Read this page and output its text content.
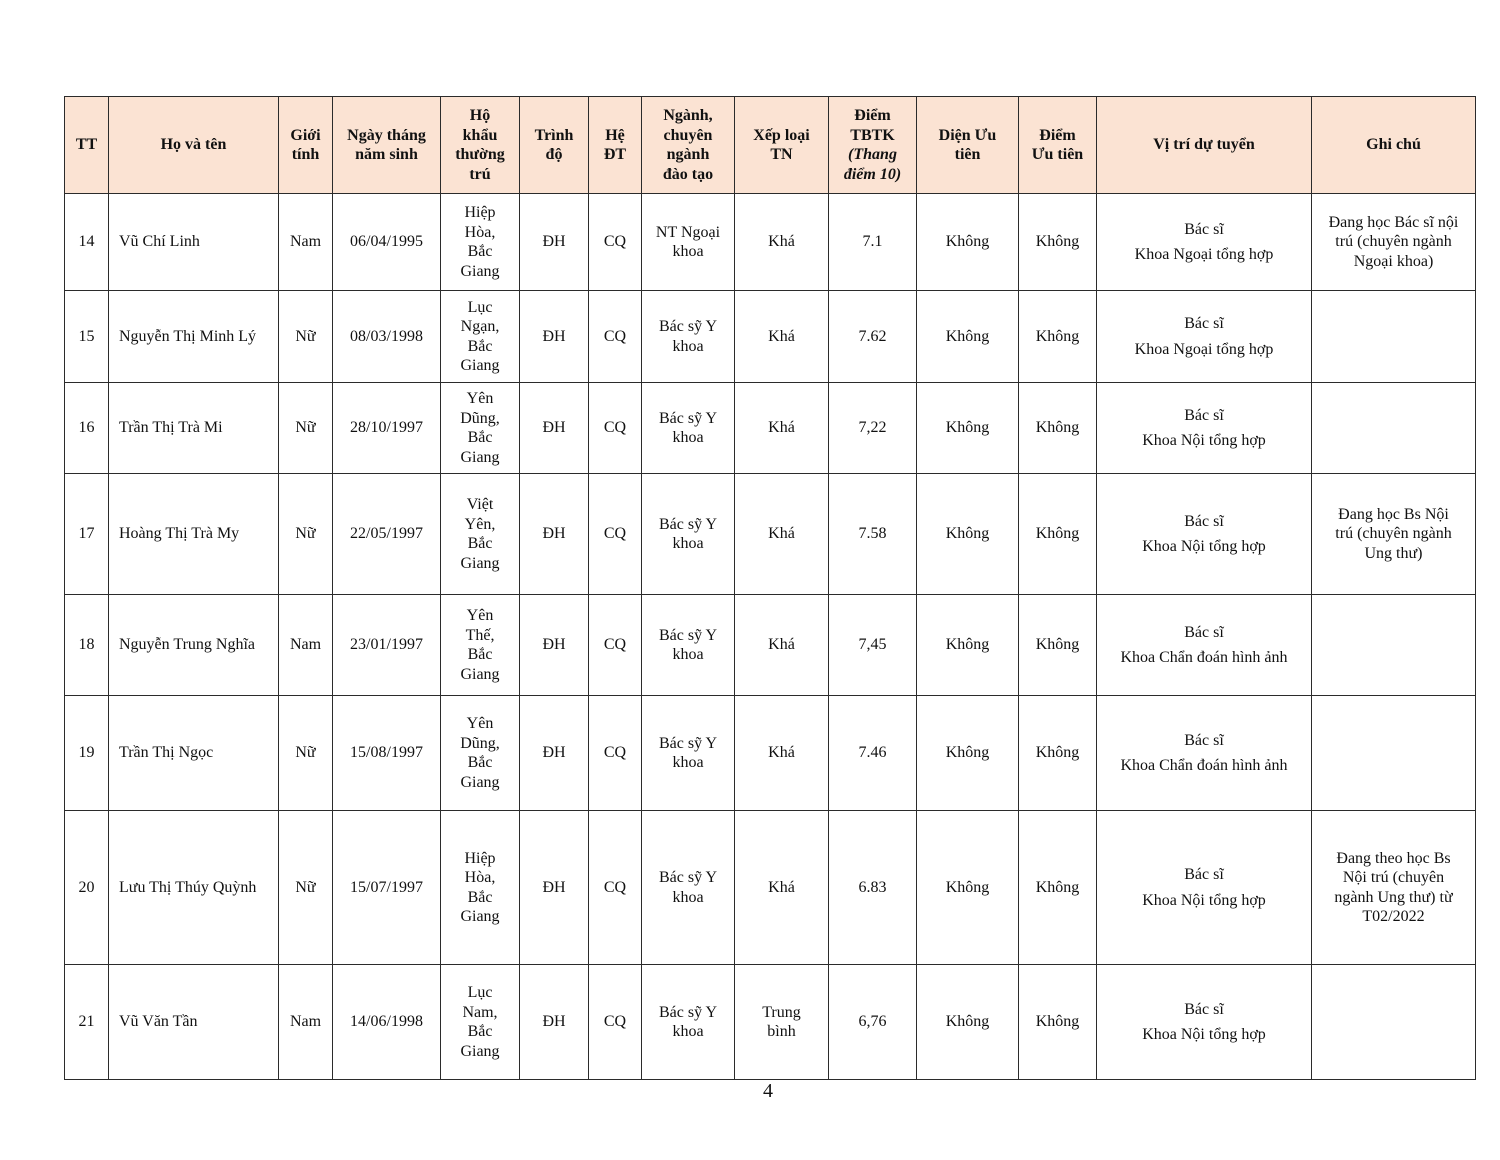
TT	Họ và tên	Giới
tính	Ngày tháng
năm sinh	Hộ
khẩu
thường
trú	Trình
độ	Hệ
ĐT	Ngành,
chuyên
ngành
đào tạo	Xếp loại
TN	Điểm
TBTK
(Thang
điểm 10)	Diện Ưu
tiên	Điểm
Ưu tiên	Vị trí dự tuyển	Ghi chú
14	Vũ Chí Linh	Nam	06/04/1995	Hiệp
Hòa,
Bắc
Giang	ĐH	CQ	NT Ngoại
khoa	Khá	7.1	Không	Không	Bác sĩ
Khoa Ngoại tổng hợp	Đang học Bác sĩ nội
trú (chuyên ngành
Ngoại khoa)

15	Nguyễn Thị Minh Lý	Nữ	08/03/1998	Lục
Ngạn,
Bắc
Giang	ĐH	CQ	Bác sỹ Y
khoa	Khá	7.62	Không	Không	Bác sĩ
Khoa Ngoại tổng hợp	

16	Trần Thị Trà Mi	Nữ	28/10/1997	Yên
Dũng,
Bắc
Giang	ĐH	CQ	Bác sỹ Y
khoa	Khá	7,22	Không	Không	Bác sĩ
Khoa Nội tổng hợp	

17	Hoàng Thị Trà My	Nữ	22/05/1997	Việt
Yên,
Bắc
Giang	ĐH	CQ	Bác sỹ Y
khoa	Khá	7.58	Không	Không	Bác sĩ
Khoa Nội tổng hợp	Đang học Bs Nội
trú (chuyên ngành
Ung thư)

18	Nguyễn Trung Nghĩa	Nam	23/01/1997	Yên
Thế,
Bắc
Giang	ĐH	CQ	Bác sỹ Y
khoa	Khá	7,45	Không	Không	Bác sĩ
Khoa Chẩn đoán hình ảnh	

19	Trần Thị Ngọc	Nữ	15/08/1997	Yên
Dũng,
Bắc
Giang	ĐH	CQ	Bác sỹ Y
khoa	Khá	7.46	Không	Không	Bác sĩ
Khoa Chẩn đoán hình ảnh	

20	Lưu Thị Thúy Quỳnh	Nữ	15/07/1997	Hiệp
Hòa,
Bắc
Giang	ĐH	CQ	Bác sỹ Y
khoa	Khá	6.83	Không	Không	Bác sĩ
Khoa Nội tổng hợp	Đang theo học Bs
Nội trú (chuyên
ngành Ung thư) từ
T02/2022

21	Vũ Văn Tần	Nam	14/06/1998	Lục
Nam,
Bắc
Giang	ĐH	CQ	Bác sỹ Y
khoa	Trung
bình	6,76	Không	Không	Bác sĩ
Khoa Nội tổng hợp	

4
